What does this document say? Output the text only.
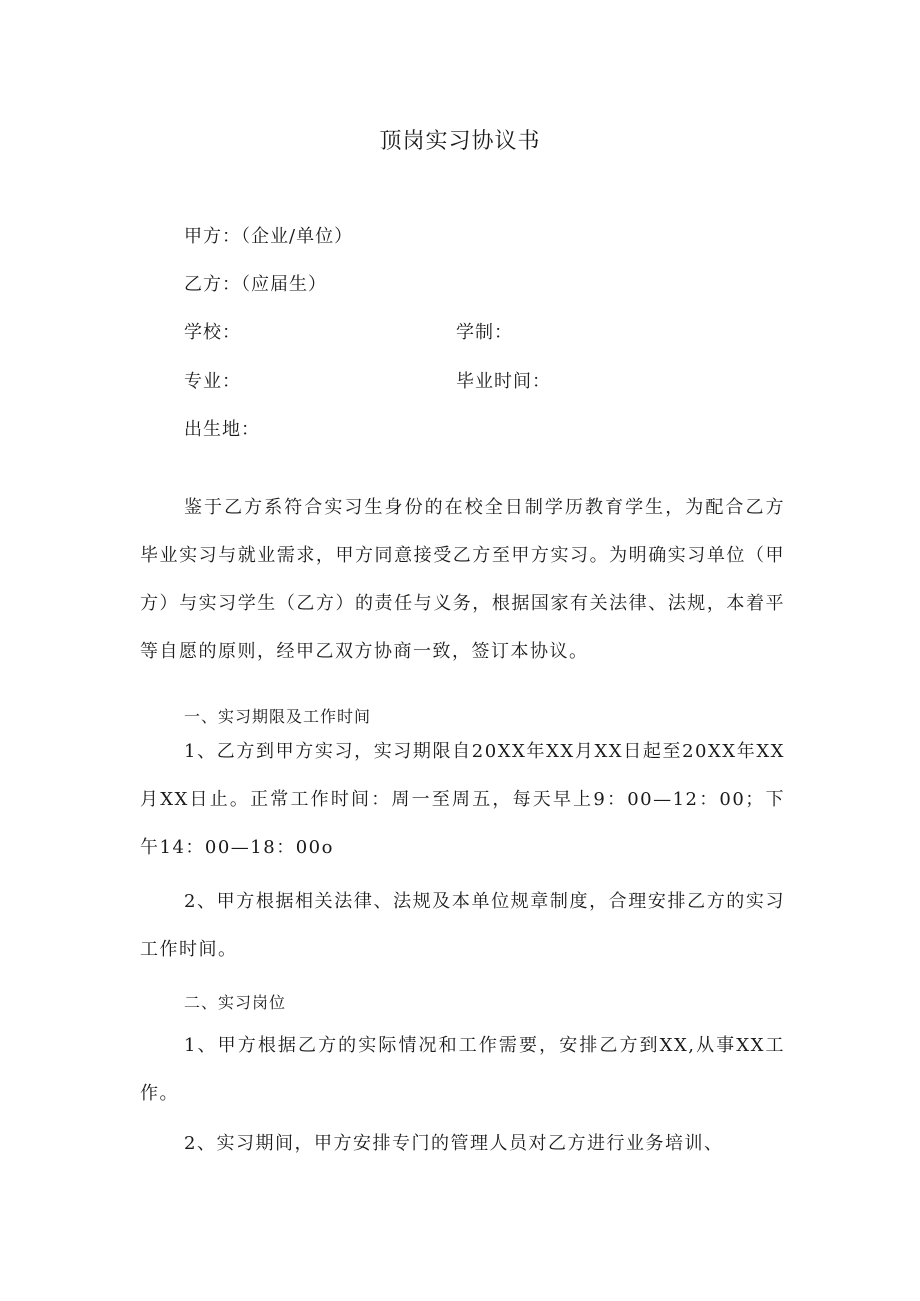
顶岗实习协议书
甲方：（企业/单位）
乙方：（应届生）
学校：	学制：
专业：	毕业时间：
出生地：

鉴于乙方系符合实习生身份的在校全日制学历教育学生，为配合乙方毕业实习与就业需求，甲方同意接受乙方至甲方实习。为明确实习单位（甲方）与实习学生（乙方）的责任与义务，根据国家有关法律、法规，本着平等自愿的原则，经甲乙双方协商一致，签订本协议。

一、实习期限及工作时间

1、乙方到甲方实习，实习期限自20XX年XX月XX日起至20XX年XX月XX日止。正常工作时间：周一至周五，每天早上9：00—12：00；下午14：00—18：00o

2、甲方根据相关法律、法规及本单位规章制度，合理安排乙方的实习工作时间。

二、实习岗位

1、甲方根据乙方的实际情况和工作需要，安排乙方到XX,从事XX工作。

2、实习期间，甲方安排专门的管理人员对乙方进行业务培训、
